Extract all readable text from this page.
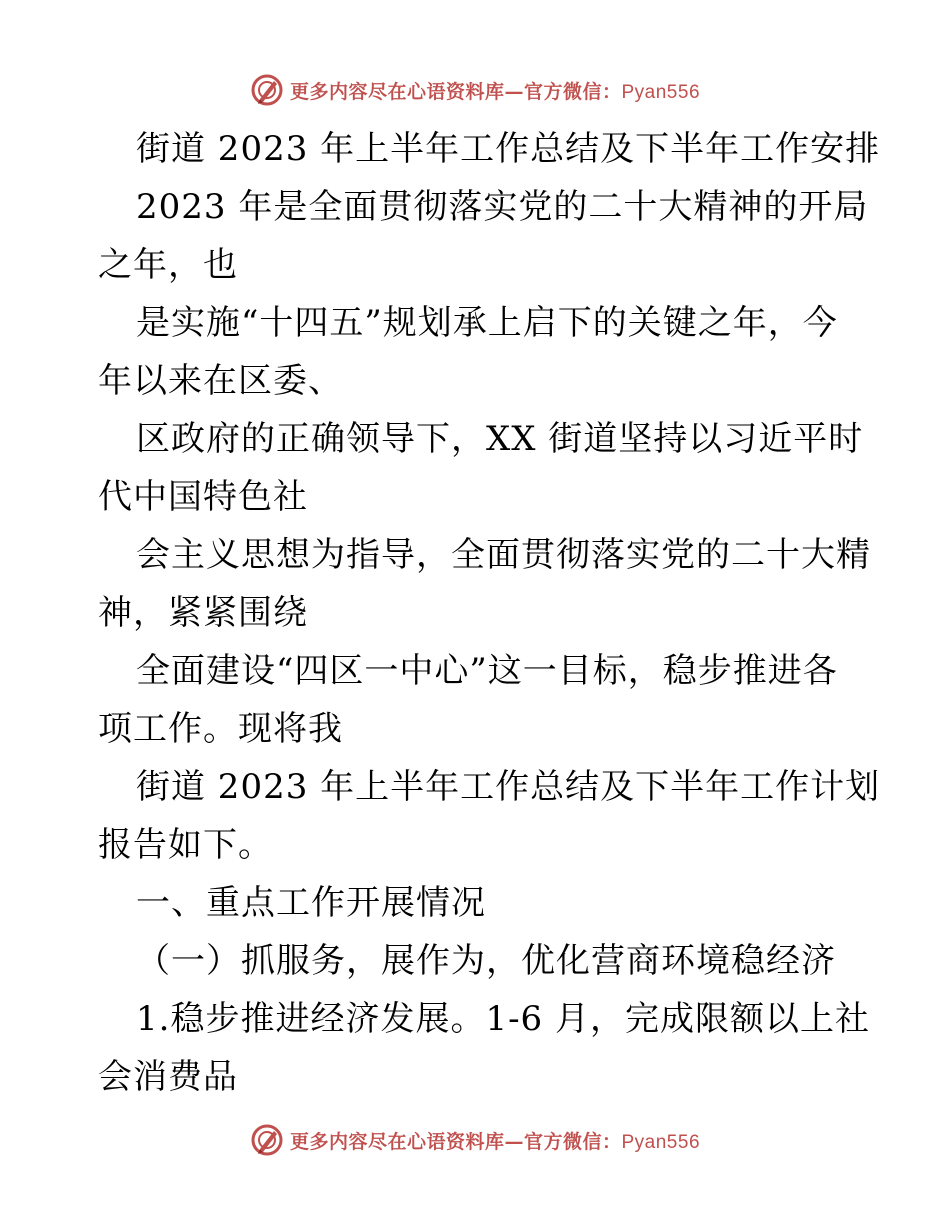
更多内容尽在心语资料库—官方微信：Pyan556
街道 2023 年上半年工作总结及下半年工作安排
2023 年是全面贯彻落实党的二十大精神的开局
之年，也
是实施“十四五”规划承上启下的关键之年，今
年以来在区委、
区政府的正确领导下，XX 街道坚持以习近平时
代中国特色社
会主义思想为指导，全面贯彻落实党的二十大精
神，紧紧围绕
全面建设“四区一中心”这一目标，稳步推进各
项工作。现将我
街道 2023 年上半年工作总结及下半年工作计划
报告如下。
一、重点工作开展情况
（一）抓服务，展作为，优化营商环境稳经济
1.稳步推进经济发展。1-6 月，完成限额以上社
会消费品
更多内容尽在心语资料库—官方微信：Pyan556
